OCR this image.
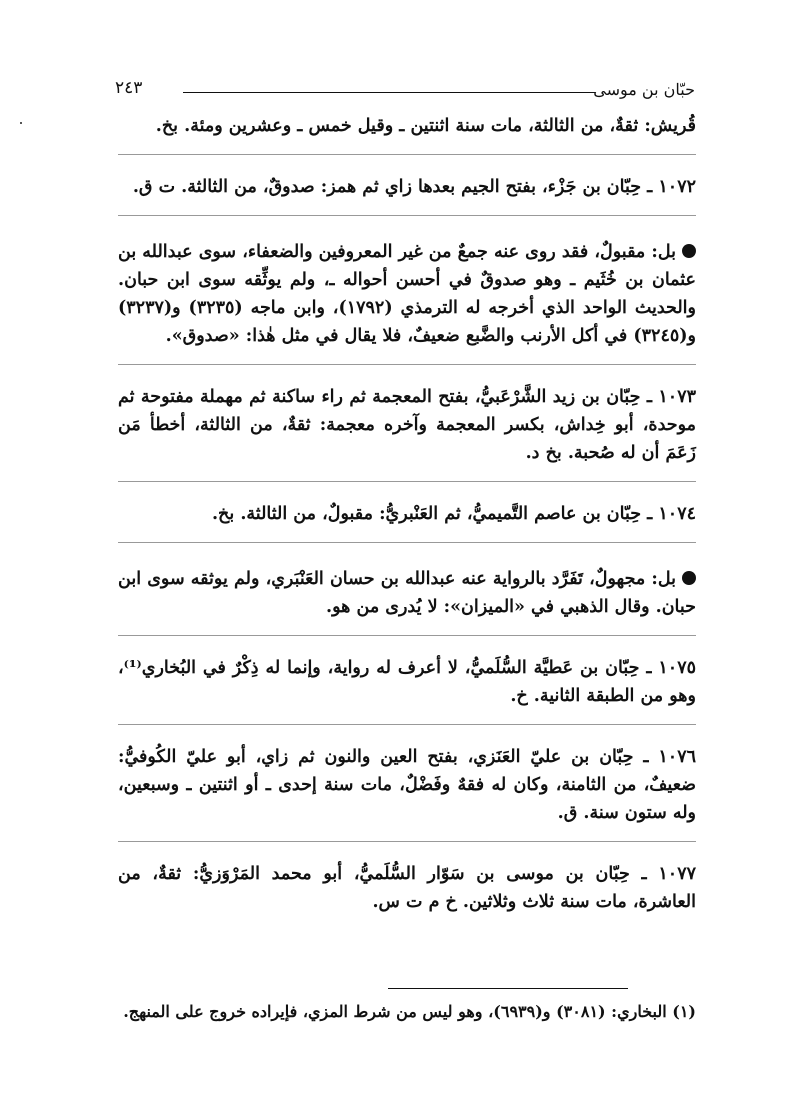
حبّان بن موسى
٢٤٣

قُريش: ثقةٌ، من الثالثة، مات سنة اثنتين ـ وقيل خمس ـ وعشرين ومئة. بخ.

١٠٧٢ ـ حِبّان بن جَزْء، بفتح الجيم بعدها زاي ثم همز: صدوقٌ، من الثالثة. ت ق.

بل: مقبولٌ، فقد روى عنه جمعٌ من غير المعروفين والضعفاء، سوى عبدالله بن عثمان بن خُثَيم ـ وهو صدوقٌ في أحسن أحواله ـ، ولم يوثِّقه سوى ابن حبان. والحديث الواحد الذي أخرجه له الترمذي (١٧٩٢)، وابن ماجه (٣٢٣٥) و(٣٢٣٧) و(٣٢٤٥) في أكل الأرنب والضَّبع ضعيفٌ، فلا يقال في مثل هٰذا: «صدوق».

١٠٧٣ ـ حِبّان بن زيد الشَّرْعَبيُّ، بفتح المعجمة ثم راء ساكنة ثم مهملة مفتوحة ثم موحدة، أبو خِداش، بكسر المعجمة وآخره معجمة: ثقةٌ، من الثالثة، أخطأ مَن زَعَمَ أن له صُحبة. بخ د.

١٠٧٤ ـ حِبّان بن عاصم التَّميميُّ، ثم العَنْبريُّ: مقبولٌ، من الثالثة. بخ.

بل: مجهولٌ، تَفَرَّد بالرواية عنه عبدالله بن حسان العَنْبَري، ولم يوثقه سوى ابن حبان. وقال الذهبي في «الميزان»: لا يُدرى من هو.

١٠٧٥ ـ حِبّان بن عَطيَّة السُّلَميُّ، لا أعرف له رواية، وإنما له ذِكْرٌ في البُخاري⁽¹⁾، وهو من الطبقة الثانية. خ.

١٠٧٦ ـ حِبّان بن عليّ العَنَزي، بفتح العين والنون ثم زاي، أبو عليّ الكُوفيُّ: ضعيفٌ، من الثامنة، وكان له فقهٌ وفَضْلٌ، مات سنة إحدى ـ أو اثنتين ـ وسبعين، وله ستون سنة. ق.

١٠٧٧ ـ حِبّان بن موسى بن سَوّار السُّلَميُّ، أبو محمد المَرْوَزيُّ: ثقةٌ، من العاشرة، مات سنة ثلاث وثلاثين. خ م ت س.

(١) البخاري: (٣٠٨١) و(٦٩٣٩)، وهو ليس من شرط المزي، فإيراده خروج على المنهج.
